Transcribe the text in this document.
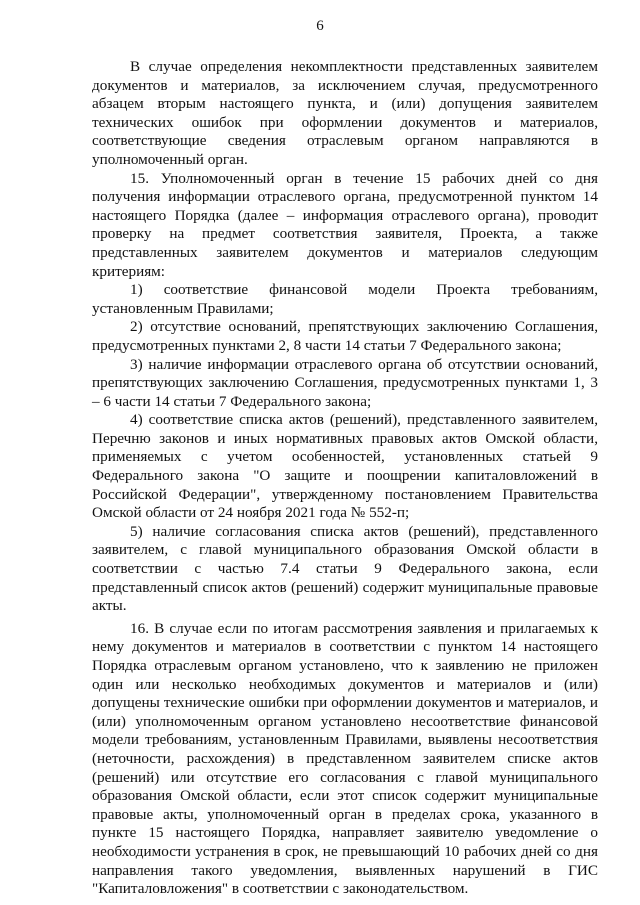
6

В случае определения некомплектности представленных заявителем документов и материалов, за исключением случая, предусмотренного абзацем вторым настоящего пункта, и (или) допущения заявителем технических ошибок при оформлении документов и материалов, соответствующие сведения отраслевым органом направляются в уполномоченный орган.

15. Уполномоченный орган в течение 15 рабочих дней со дня получения информации отраслевого органа, предусмотренной пунктом 14 настоящего Порядка (далее – информация отраслевого органа), проводит проверку на предмет соответствия заявителя, Проекта, а также представленных заявителем документов и материалов следующим критериям:

1) соответствие финансовой модели Проекта требованиям, установленным Правилами;

2) отсутствие оснований, препятствующих заключению Соглашения, предусмотренных пунктами 2, 8 части 14 статьи 7 Федерального закона;

3) наличие информации отраслевого органа об отсутствии оснований, препятствующих заключению Соглашения, предусмотренных пунктами 1, 3 – 6 части 14 статьи 7 Федерального закона;

4) соответствие списка актов (решений), представленного заявителем, Перечню законов и иных нормативных правовых актов Омской области, применяемых с учетом особенностей, установленных статьей 9 Федерального закона "О защите и поощрении капиталовложений в Российской Федерации", утвержденному постановлением Правительства Омской области от 24 ноября 2021 года № 552-п;

5) наличие согласования списка актов (решений), представленного заявителем, с главой муниципального образования Омской области в соответствии с частью 7.4 статьи 9 Федерального закона, если представленный список актов (решений) содержит муниципальные правовые акты.

16. В случае если по итогам рассмотрения заявления и прилагаемых к нему документов и материалов в соответствии с пунктом 14 настоящего Порядка отраслевым органом установлено, что к заявлению не приложен один или несколько необходимых документов и материалов и (или) допущены технические ошибки при оформлении документов и материалов, и (или) уполномоченным органом установлено несоответствие финансовой модели требованиям, установленным Правилами, выявлены несоответствия (неточности, расхождения) в представленном заявителем списке актов (решений) или отсутствие его согласования с главой муниципального образования Омской области, если этот список содержит муниципальные правовые акты, уполномоченный орган в пределах срока, указанного в пункте 15 настоящего Порядка, направляет заявителю уведомление о необходимости устранения в срок, не превышающий 10 рабочих дней со дня направления такого уведомления, выявленных нарушений в ГИС "Капиталовложения" в соответствии с законодательством.
